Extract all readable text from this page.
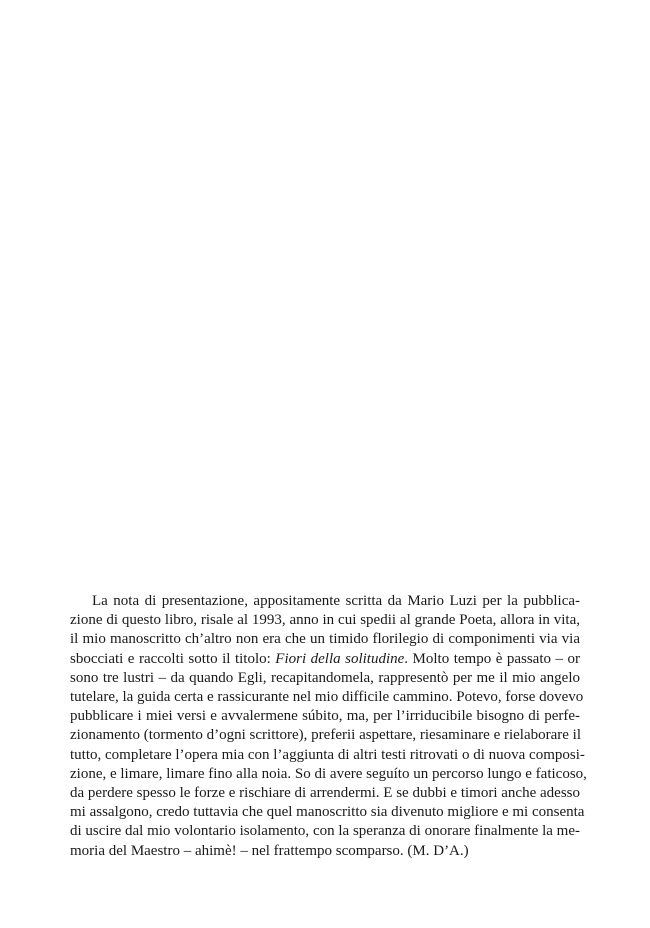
La nota di presentazione, appositamente scritta da Mario Luzi per la pubblica-
zione di questo libro, risale al 1993, anno in cui spedii al grande Poeta, allora in vita,
il mio manoscritto ch’altro non era che un timido florilegio di componimenti via via
sbocciati e raccolti sotto il titolo: Fiori della solitudine. Molto tempo è passato – or
sono tre lustri – da quando Egli, recapitandomela, rappresentò per me il mio angelo
tutelare, la guida certa e rassicurante nel mio difficile cammino. Potevo, forse dovevo
pubblicare i miei versi e avvalermene súbito, ma, per l’irriducibile bisogno di perfe-
zionamento (tormento d’ogni scrittore), preferii aspettare, riesaminare e rielaborare il
tutto, completare l’opera mia con l’aggiunta di altri testi ritrovati o di nuova composi-
zione, e limare, limare fino alla noia. So di avere seguíto un percorso lungo e faticoso,
da perdere spesso le forze e rischiare di arrendermi. E se dubbi e timori anche adesso
mi assalgono, credo tuttavia che quel manoscritto sia divenuto migliore e mi consenta
di uscire dal mio volontario isolamento, con la speranza di onorare finalmente la me-
moria del Maestro – ahimè! – nel frattempo scomparso. (M. D’A.)
